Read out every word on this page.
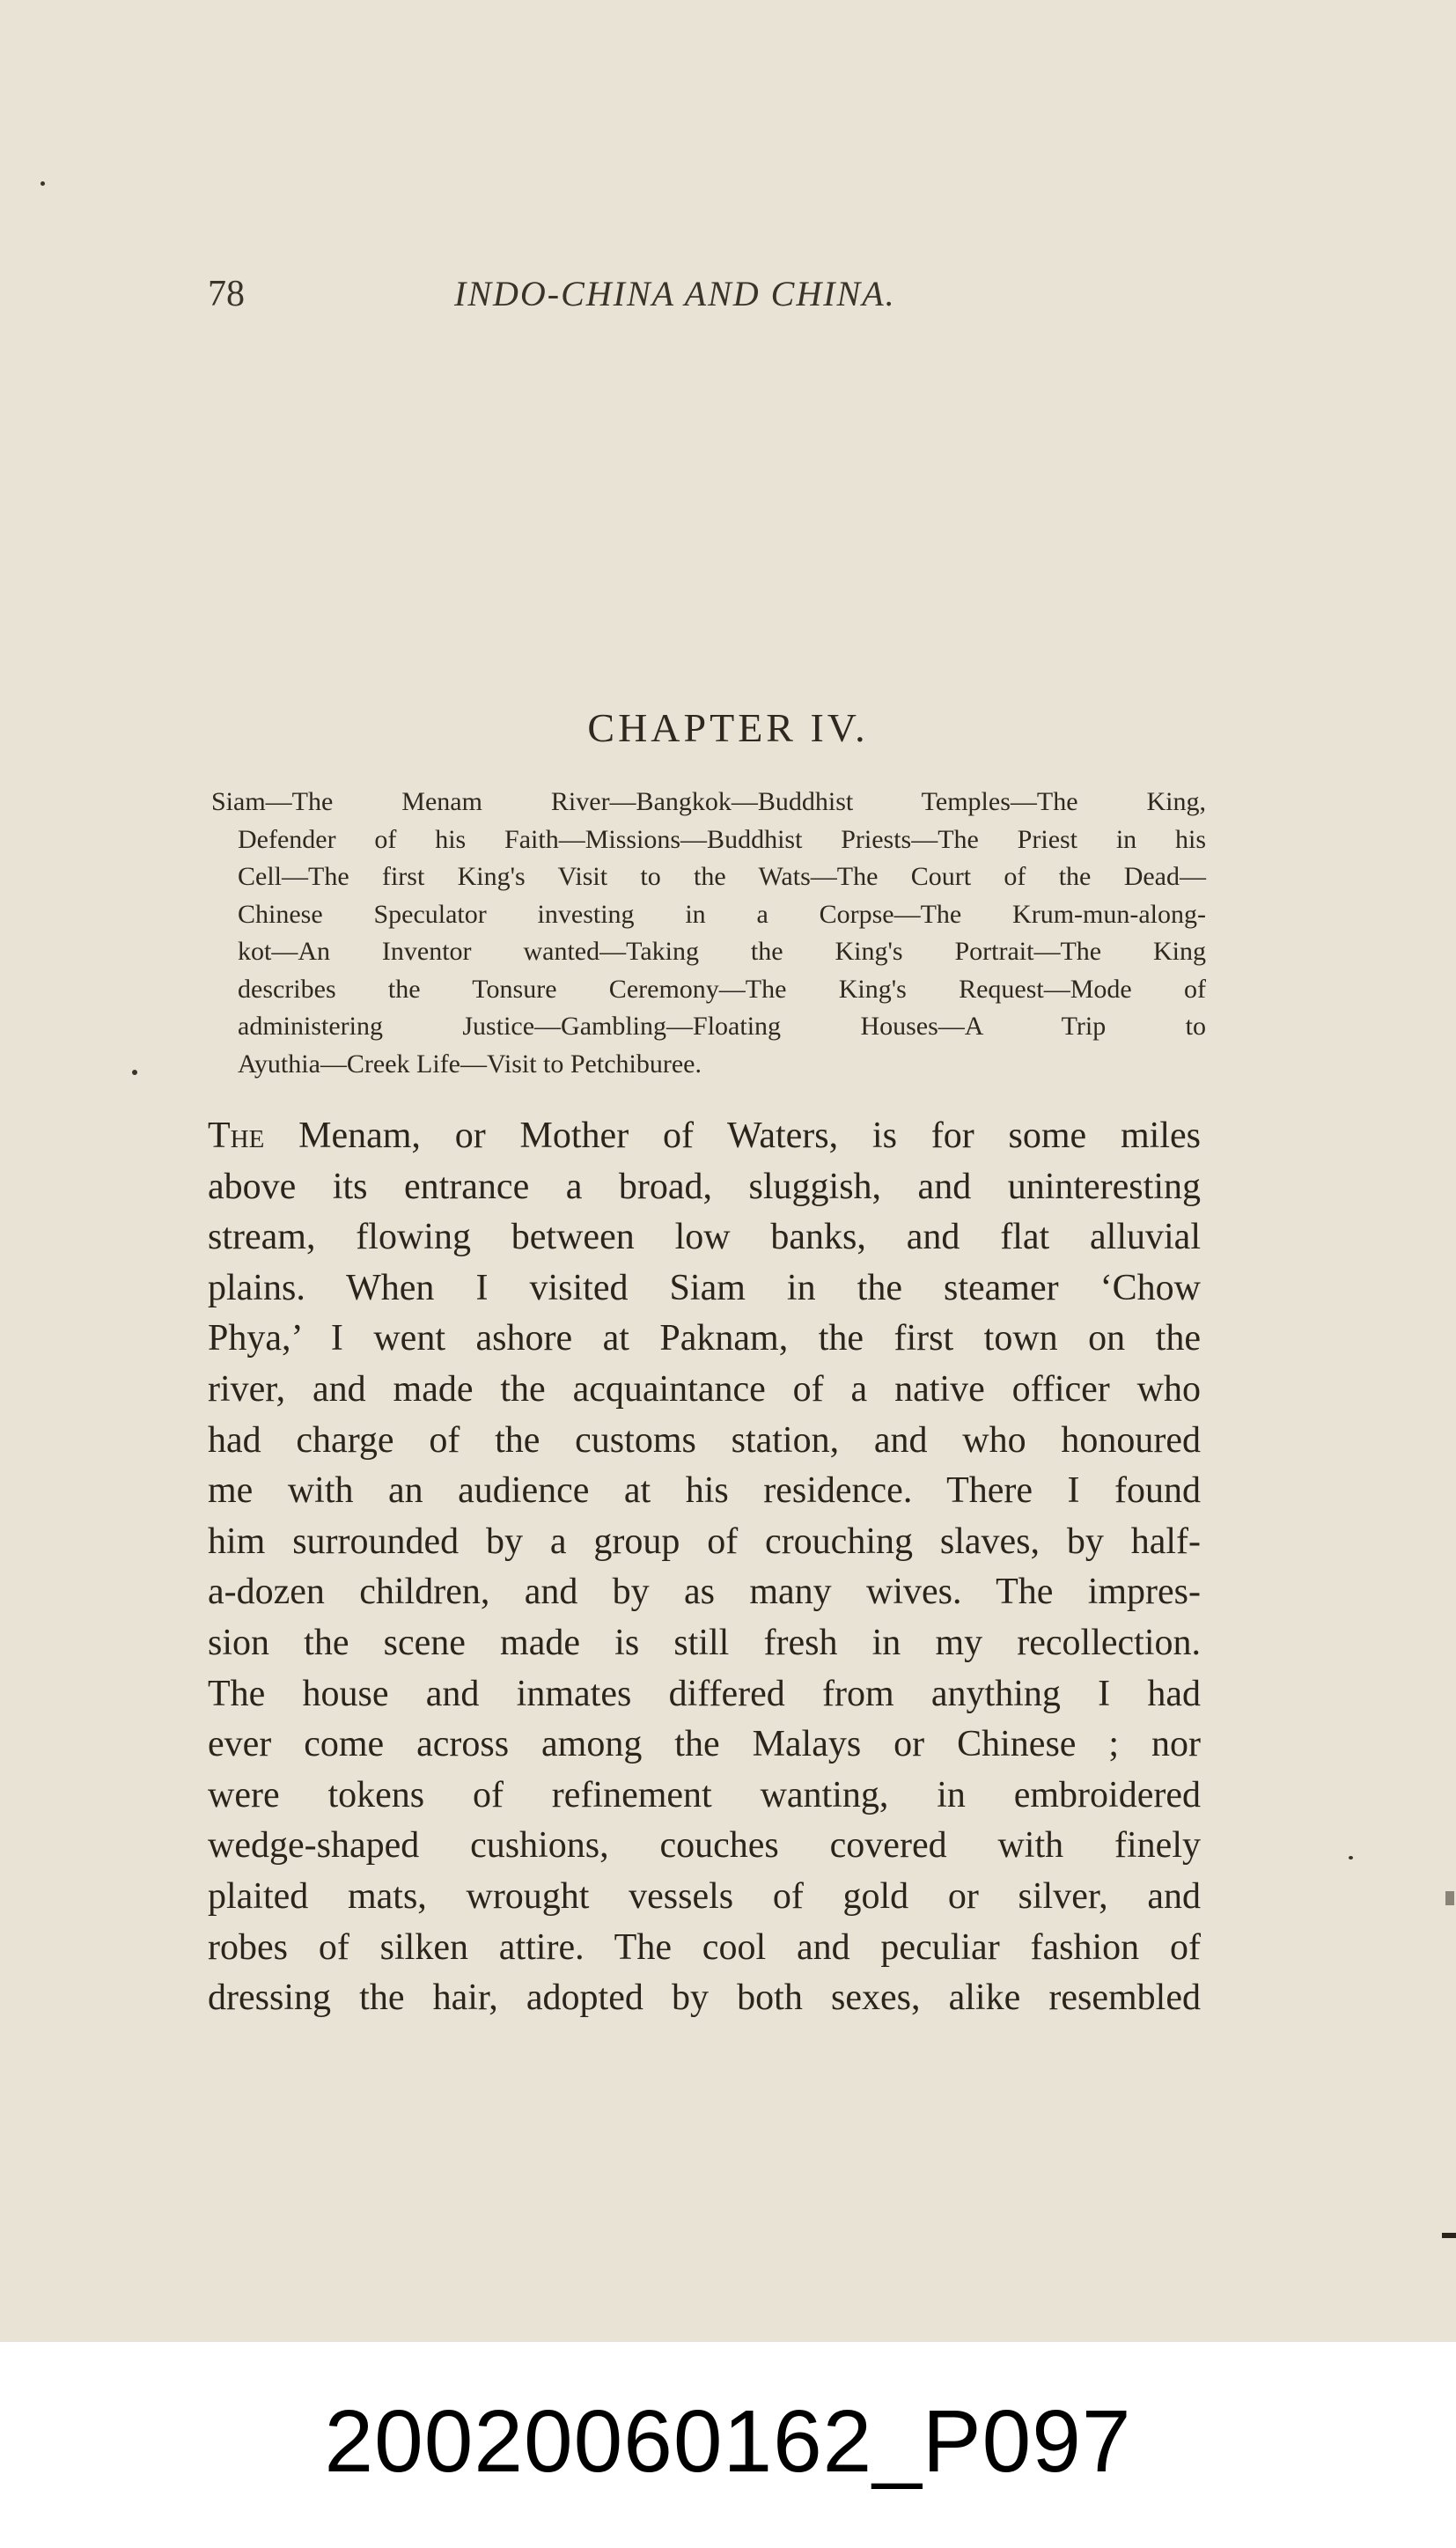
78	INDO-CHINA AND CHINA.
CHAPTER IV.
Siam—The Menam River—Bangkok—Buddhist Temples—The King,
Defender of his Faith—Missions—Buddhist Priests—The Priest in his
Cell—The first King's Visit to the Wats—The Court of the Dead—
Chinese Speculator investing in a Corpse—The Krum-mun-along-
kot—An Inventor wanted—Taking the King's Portrait—The King
describes the Tonsure Ceremony—The King's Request—Mode of
administering Justice—Gambling—Floating Houses—A Trip to
Ayuthia—Creek Life—Visit to Petchiburee.
The Menam, or Mother of Waters, is for some miles
above its entrance a broad, sluggish, and uninteresting
stream, flowing between low banks, and flat alluvial
plains. When I visited Siam in the steamer ‘Chow
Phya,’ I went ashore at Paknam, the first town on the
river, and made the acquaintance of a native officer who
had charge of the customs station, and who honoured
me with an audience at his residence. There I found
him surrounded by a group of crouching slaves, by half-
a-dozen children, and by as many wives. The impres-
sion the scene made is still fresh in my recollection.
The house and inmates differed from anything I had
ever come across among the Malays or Chinese ; nor
were tokens of refinement wanting, in embroidered
wedge-shaped cushions, couches covered with finely
plaited mats, wrought vessels of gold or silver, and
robes of silken attire. The cool and peculiar fashion of
dressing the hair, adopted by both sexes, alike resembled
20020060162_P097
